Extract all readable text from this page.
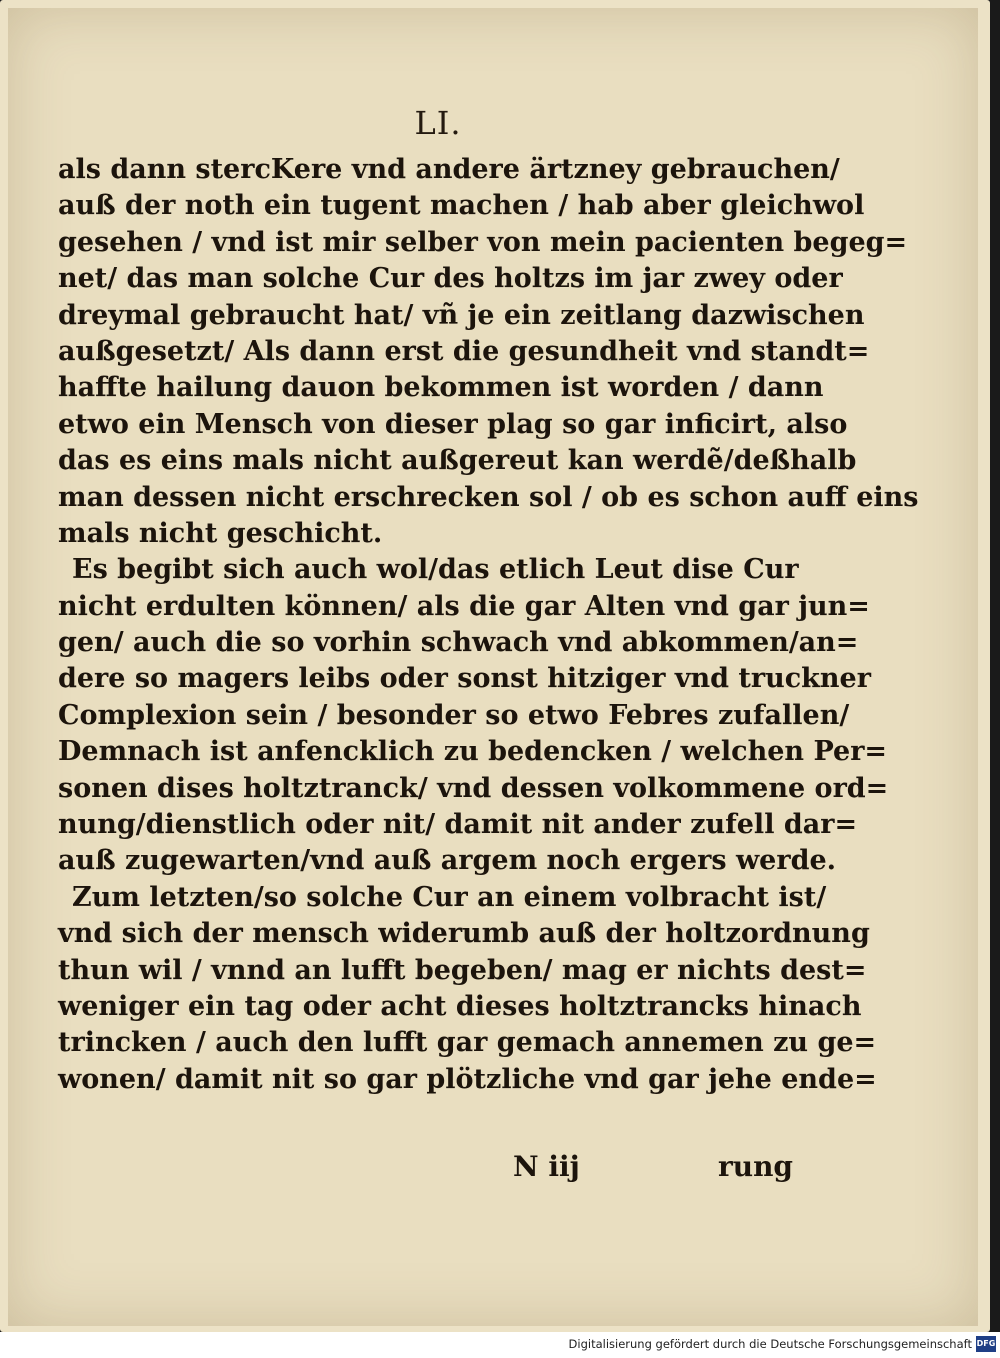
LI.
als dann stercKere vnd andere ärtzney gebrauchen/
auß der noth ein tugent machen / hab aber gleichwol
gesehen / vnd ist mir selber von mein pacienten begeg=
net/ das man solche Cur des holtzs im jar zwey oder
dreymal gebraucht hat/ vñ je ein zeitlang dazwischen
außgesetzt/ Als dann erst die gesundheit vnd standt=
haffte hailung dauon bekommen ist worden / dann
etwo ein Mensch von dieser plag so gar inficirt, also
das es eins mals nicht außgereut kan werdẽ/deßhalb
man dessen nicht erschrecken sol / ob es schon auff eins
mals nicht geschicht.
Es begibt sich auch wol/das etlich Leut dise Cur
nicht erdulten können/ als die gar Alten vnd gar jun=
gen/ auch die so vorhin schwach vnd abkommen/an=
dere so magers leibs oder sonst hitziger vnd truckner
Complexion sein / besonder so etwo Febres zufallen/
Demnach ist anfencklich zu bedencken / welchen Per=
sonen dises holtztranck/ vnd dessen volkommene ord=
nung/dienstlich oder nit/ damit nit ander zufell dar=
auß zugewarten/vnd auß argem noch ergers werde.
Zum letzten/so solche Cur an einem volbracht ist/
vnd sich der mensch widerumb auß der holtzordnung
thun wil / vnnd an lufft begeben/ mag er nichts dest=
weniger ein tag oder acht dieses holtztrancks hinach
trincken / auch den lufft gar gemach annemen zu ge=
wonen/ damit nit so gar plötzliche vnd gar jehe ende=
N iij	rung
Digitalisierung gefördert durch die Deutsche Forschungsgemeinschaft DFG
